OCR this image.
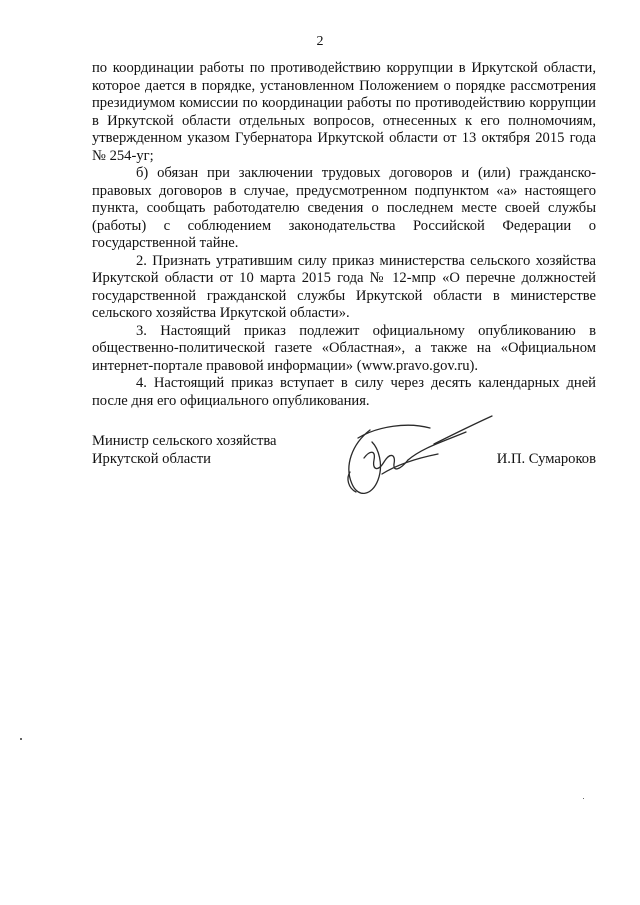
2

по координации работы по противодействию коррупции в Иркутской области, которое дается в порядке, установленном Положением о порядке рассмотрения президиумом комиссии по координации работы по противодействию коррупции в Иркутской области отдельных вопросов, отнесенных к его полномочиям, утвержденном указом Губернатора Иркутской области от 13 октября 2015 года № 254-уг;

б) обязан при заключении трудовых договоров и (или) гражданско-правовых договоров в случае, предусмотренном подпунктом «а» настоящего пункта, сообщать работодателю сведения о последнем месте своей службы (работы) с соблюдением законодательства Российской Федерации о государственной тайне.

2. Признать утратившим силу приказ министерства сельского хозяйства Иркутской области от 10 марта 2015 года № 12-мпр «О перечне должностей государственной гражданской службы Иркутской области в министерстве сельского хозяйства Иркутской области».

3. Настоящий приказ подлежит официальному опубликованию в общественно-политической газете «Областная», а также на «Официальном интернет-портале правовой информации» (www.pravo.gov.ru).

4. Настоящий приказ вступает в силу через десять календарных дней после дня его официального опубликования.

Министр сельского хозяйства
Иркутской области	И.П. Сумароков
